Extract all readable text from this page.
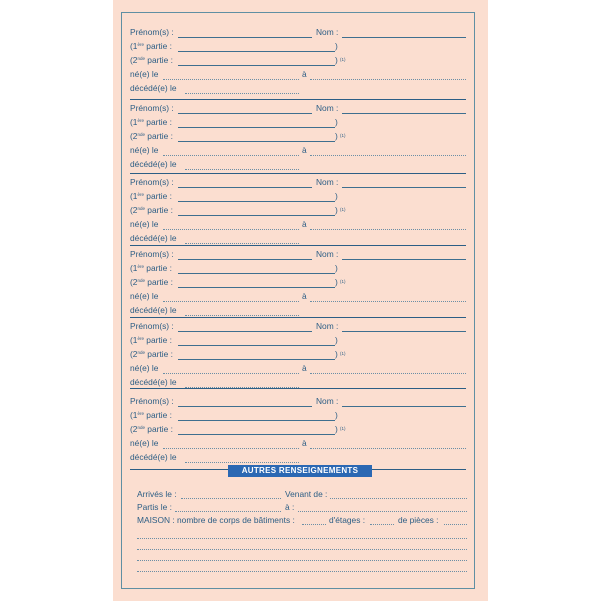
Prénom(s) :	Nom :
(1ère partie :	)
(2nde partie :	) (1)
né(e) le	à
décédé(e) le
Prénom(s) :	Nom :
(1ère partie :	)
(2nde partie :	) (1)
né(e) le	à
décédé(e) le
Prénom(s) :	Nom :
(1ère partie :	)
(2nde partie :	) (1)
né(e) le	à
décédé(e) le
Prénom(s) :	Nom :
(1ère partie :	)
(2nde partie :	) (1)
né(e) le	à
décédé(e) le
Prénom(s) :	Nom :
(1ère partie :	)
(2nde partie :	) (1)
né(e) le	à
décédé(e) le
Prénom(s) :	Nom :
(1ère partie :	)
(2nde partie :	) (1)
né(e) le	à
décédé(e) le
AUTRES RENSEIGNEMENTS
Arrivés le :	Venant de :
Partis le :	à :
MAISON : nombre de corps de bâtiments :	d'étages :	de pièces :
